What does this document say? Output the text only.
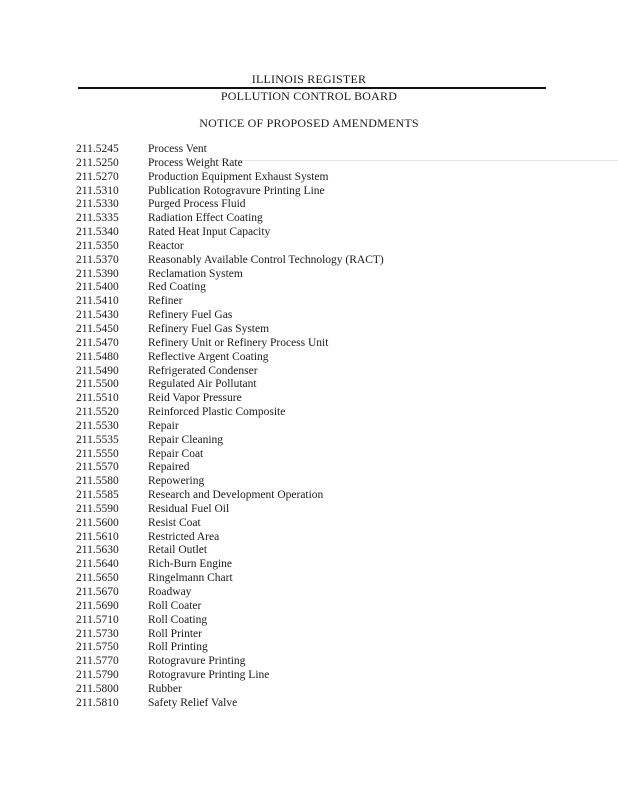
ILLINOIS REGISTER
POLLUTION CONTROL BOARD
NOTICE OF PROPOSED AMENDMENTS
211.5245	Process Vent
211.5250	Process Weight Rate
211.5270	Production Equipment Exhaust System
211.5310	Publication Rotogravure Printing Line
211.5330	Purged Process Fluid
211.5335	Radiation Effect Coating
211.5340	Rated Heat Input Capacity
211.5350	Reactor
211.5370	Reasonably Available Control Technology (RACT)
211.5390	Reclamation System
211.5400	Red Coating
211.5410	Refiner
211.5430	Refinery Fuel Gas
211.5450	Refinery Fuel Gas System
211.5470	Refinery Unit or Refinery Process Unit
211.5480	Reflective Argent Coating
211.5490	Refrigerated Condenser
211.5500	Regulated Air Pollutant
211.5510	Reid Vapor Pressure
211.5520	Reinforced Plastic Composite
211.5530	Repair
211.5535	Repair Cleaning
211.5550	Repair Coat
211.5570	Repaired
211.5580	Repowering
211.5585	Research and Development Operation
211.5590	Residual Fuel Oil
211.5600	Resist Coat
211.5610	Restricted Area
211.5630	Retail Outlet
211.5640	Rich-Burn Engine
211.5650	Ringelmann Chart
211.5670	Roadway
211.5690	Roll Coater
211.5710	Roll Coating
211.5730	Roll Printer
211.5750	Roll Printing
211.5770	Rotogravure Printing
211.5790	Rotogravure Printing Line
211.5800	Rubber
211.5810	Safety Relief Valve
